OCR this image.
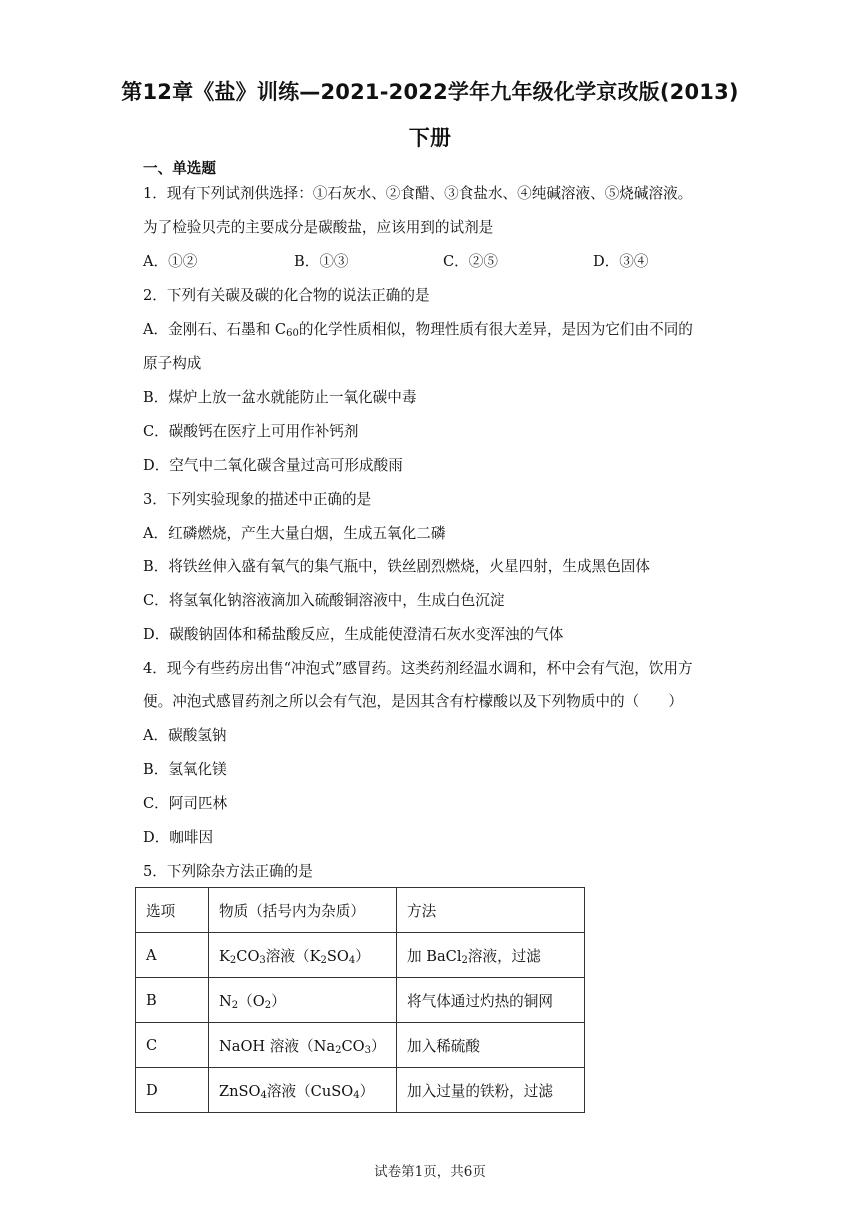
第12章《盐》训练—2021-2022学年九年级化学京改版(2013)
下册
一、单选题
1．现有下列试剂供选择：①石灰水、②食醋、③食盐水、④纯碱溶液、⑤烧碱溶液。
为了检验贝壳的主要成分是碳酸盐，应该用到的试剂是
A．①②	B．①③	C．②⑤	D．③④
2．下列有关碳及碳的化合物的说法正确的是
A．金刚石、石墨和 $C_{60}$的化学性质相似，物理性质有很大差异，是因为它们由不同的
原子构成
B．煤炉上放一盆水就能防止一氧化碳中毒
C．碳酸钙在医疗上可用作补钙剂
D．空气中二氧化碳含量过高可形成酸雨
3．下列实验现象的描述中正确的是
A．红磷燃烧，产生大量白烟，生成五氧化二磷
B．将铁丝伸入盛有氧气的集气瓶中，铁丝剧烈燃烧，火星四射，生成黑色固体
C．将氢氧化钠溶液滴加入硫酸铜溶液中，生成白色沉淀
D．碳酸钠固体和稀盐酸反应，生成能使澄清石灰水变浑浊的气体
4．现今有些药房出售“冲泡式”感冒药。这类药剂经温水调和，杯中会有气泡，饮用方
便。冲泡式感冒药剂之所以会有气泡，是因其含有柠檬酸以及下列物质中的（　　）
A．碳酸氢钠
B．氢氧化镁
C．阿司匹林
D．咖啡因
5．下列除杂方法正确的是
选项	物质（括号内为杂质）	方法
A	$K_2CO_3$溶液$(K_2SO_4)$	加 BaCl$_2$溶液，过滤
B	$N_2(O_2)$	将气体通过灼热的铜网
C	NaOH 溶液$(Na_2CO_3)$	加入稀硫酸
D	ZnSO$_4$溶液（CuSO$_4$）	加入过量的铁粉，过滤
试卷第1页，共6页
